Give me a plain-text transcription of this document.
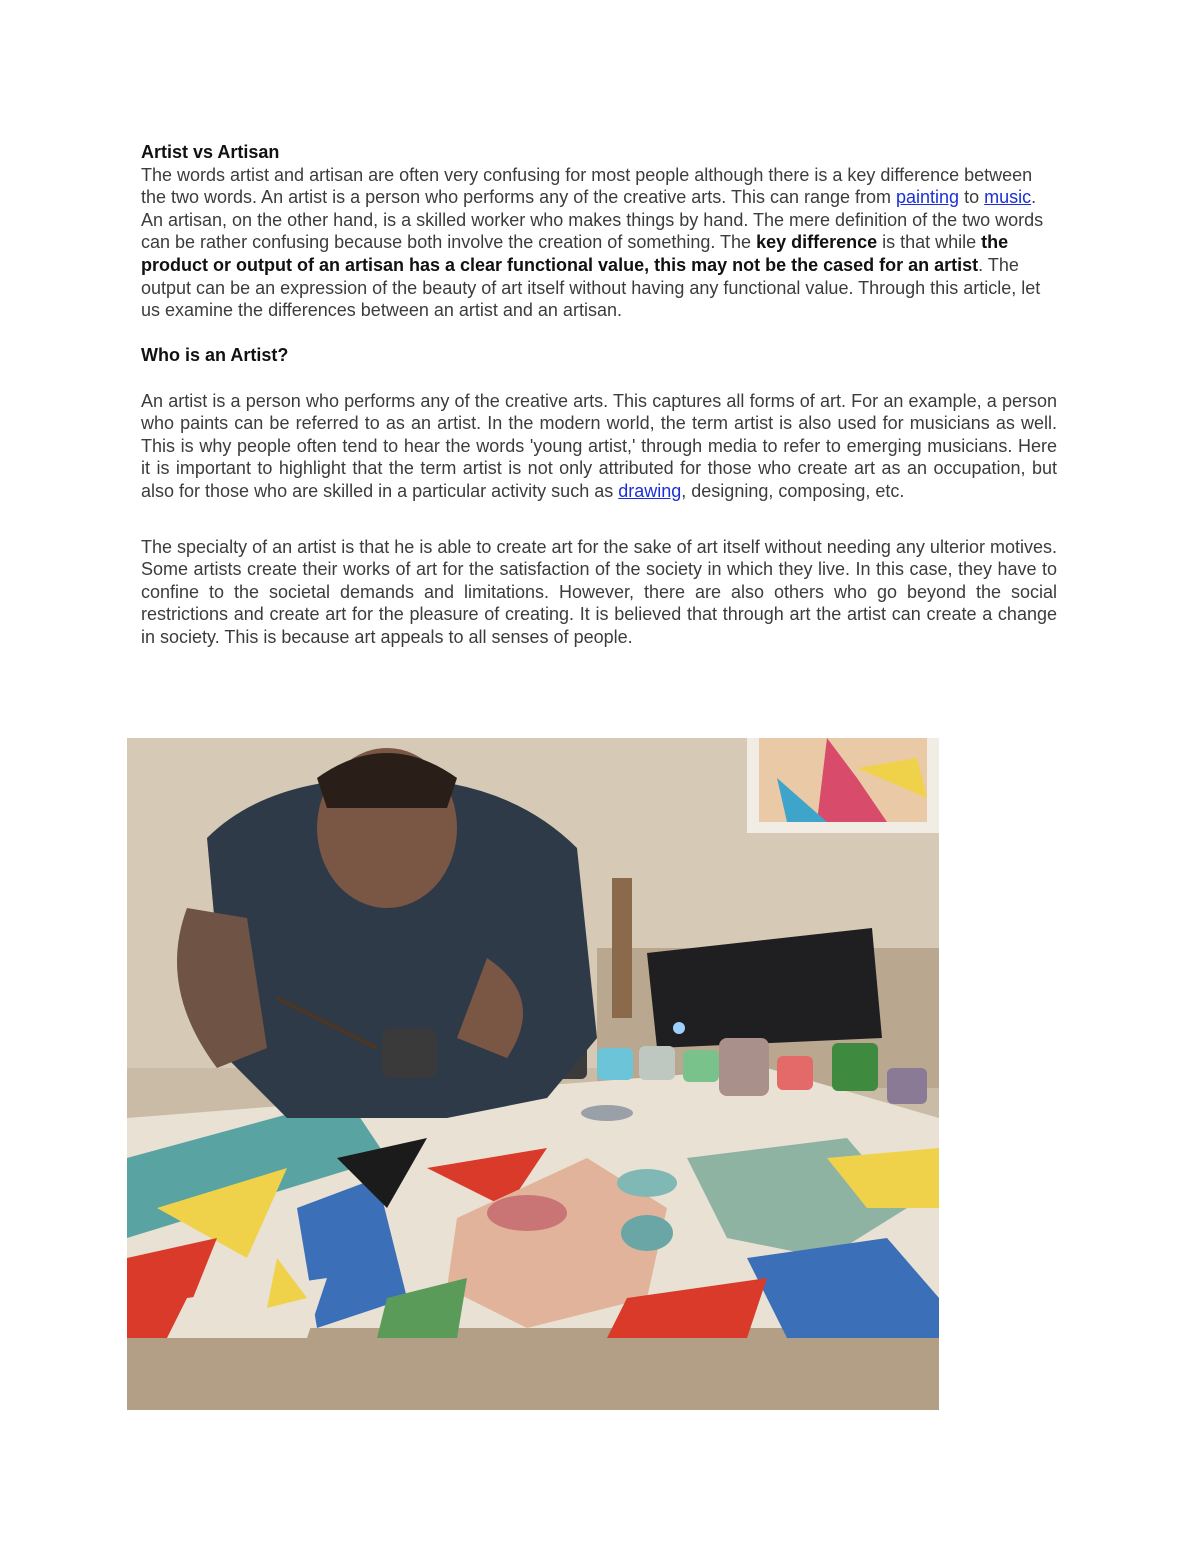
Artist vs Artisan

The words artist and artisan are often very confusing for most people although there is a key difference between the two words. An artist is a person who performs any of the creative arts. This can range from painting to music. An artisan, on the other hand, is a skilled worker who makes things by hand. The mere definition of the two words can be rather confusing because both involve the creation of something. The key difference is that while the product or output of an artisan has a clear functional value, this may not be the cased for an artist. The output can be an expression of the beauty of art itself without having any functional value. Through this article, let us examine the differences between an artist and an artisan.

Who is an Artist?

An artist is a person who performs any of the creative arts. This captures all forms of art. For an example, a person who paints can be referred to as an artist. In the modern world, the term artist is also used for musicians as well. This is why people often tend to hear the words 'young artist,' through media to refer to emerging musicians. Here it is important to highlight that the term artist is not only attributed for those who create art as an occupation, but also for those who are skilled in a particular activity such as drawing, designing, composing, etc.

The specialty of an artist is that he is able to create art for the sake of art itself without needing any ulterior motives. Some artists create their works of art for the satisfaction of the society in which they live. In this case, they have to confine to the societal demands and limitations. However, there are also others who go beyond the social restrictions and create art for the pleasure of creating. It is believed that through art the artist can create a change in society. This is because art appeals to all senses of people.
